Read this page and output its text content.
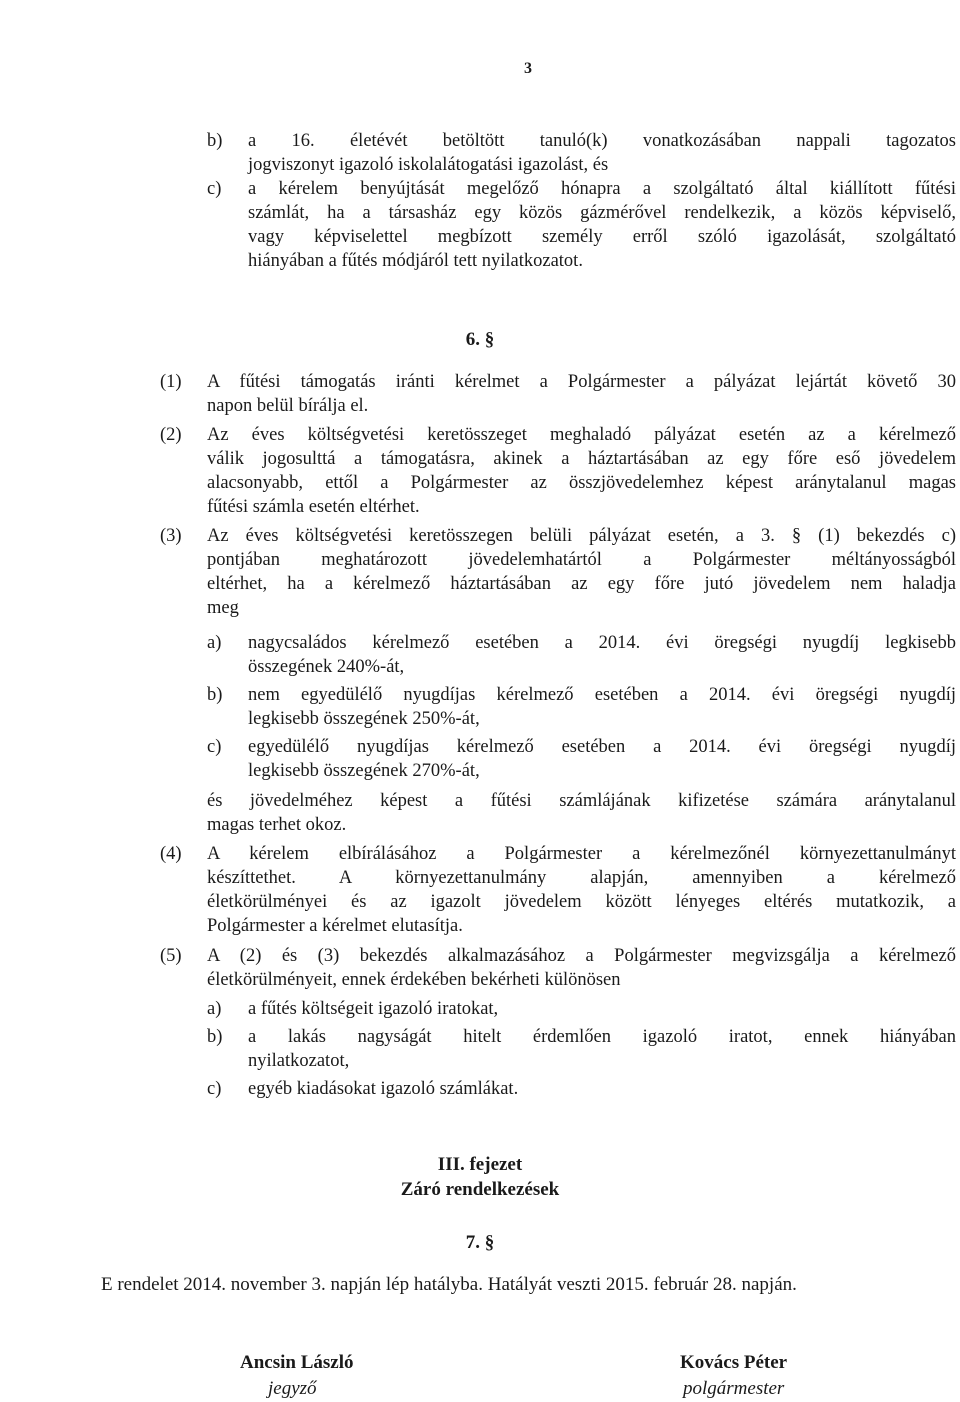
3
b) a 16. életévét betöltött tanuló(k) vonatkozásában nappali tagozatos
jogviszonyt igazoló iskolalátogatási igazolást, és
c) a kérelem benyújtását megelőző hónapra a szolgáltató által kiállított fűtési
számlát, ha a társasház egy közös gázmérővel rendelkezik, a közös képviselő,
vagy képviselettel megbízott személy erről szóló igazolását, szolgáltató
hiányában a fűtés módjáról tett nyilatkozatot.
6. §
(1) A fűtési támogatás iránti kérelmet a Polgármester a pályázat lejártát követő 30
napon belül bírálja el.
(2) Az éves költségvetési keretösszeget meghaladó pályázat esetén az a kérelmező
válik jogosulttá a támogatásra, akinek a háztartásában az egy főre eső jövedelem
alacsonyabb, ettől a Polgármester az összjövedelemhez képest aránytalanul magas
fűtési számla esetén eltérhet.
(3) Az éves költségvetési keretösszegen belüli pályázat esetén, a 3. § (1) bekezdés c)
pontjában meghatározott jövedelemhatártól a Polgármester méltányosságból
eltérhet, ha a kérelmező háztartásában az egy főre jutó jövedelem nem haladja
meg
a) nagycsaládos kérelmező esetében a 2014. évi öregségi nyugdíj legkisebb
összegének 240%-át,
b) nem egyedülélő nyugdíjas kérelmező esetében a 2014. évi öregségi nyugdíj
legkisebb összegének 250%-át,
c) egyedülélő nyugdíjas kérelmező esetében a 2014. évi öregségi nyugdíj
legkisebb összegének 270%-át,
és jövedelméhez képest a fűtési számlájának kifizetése számára aránytalanul
magas terhet okoz.
(4) A kérelem elbírálásához a Polgármester a kérelmezőnél környezettanulmányt
készíttethet. A környezettanulmány alapján, amennyiben a kérelmező
életkörülményei és az igazolt jövedelem között lényeges eltérés mutatkozik, a
Polgármester a kérelmet elutasítja.
(5) A (2) és (3) bekezdés alkalmazásához a Polgármester megvizsgálja a kérelmező
életkörülményeit, ennek érdekében bekérheti különösen
a) a fűtés költségeit igazoló iratokat,
b) a lakás nagyságát hitelt érdemlően igazoló iratot, ennek hiányában
nyilatkozatot,
c) egyéb kiadásokat igazoló számlákat.
III. fejezet
Záró rendelkezések
7. §
E rendelet 2014. november 3. napján lép hatályba. Hatályát veszti 2015. február 28. napján.
Ancsin László
jegyző
Kovács Péter
polgármester
